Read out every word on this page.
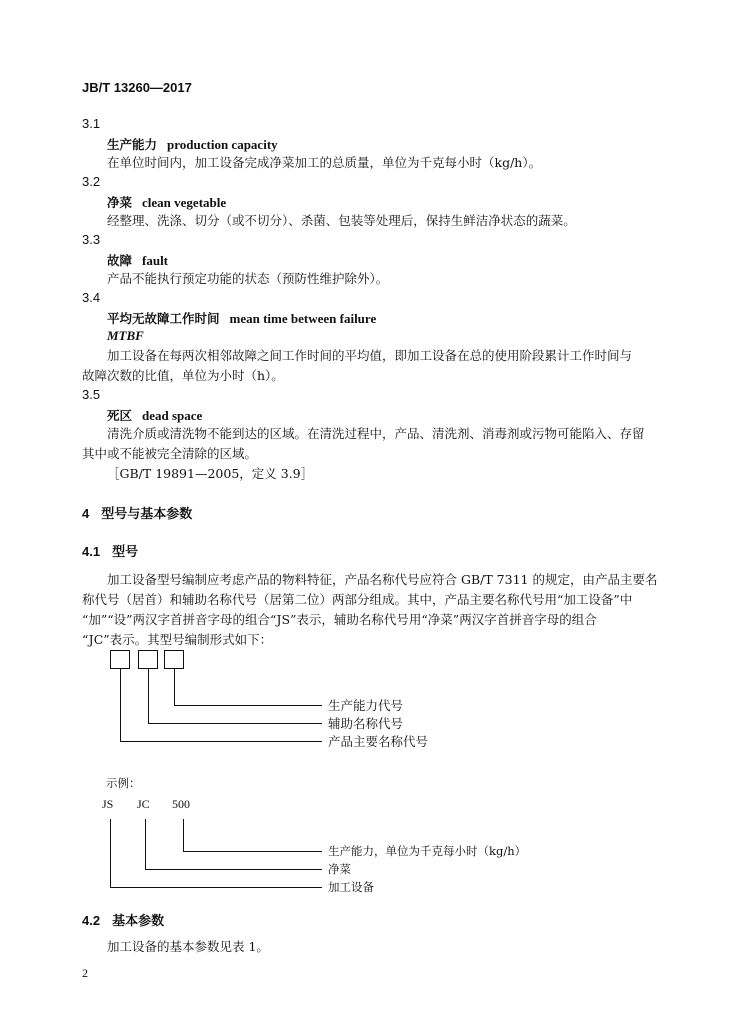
JB/T 13260—2017
3.1
生产能力 production capacity
在单位时间内，加工设备完成净菜加工的总质量，单位为千克每小时（kg/h）。
3.2
净菜 clean vegetable
经整理、洗涤、切分（或不切分）、杀菌、包装等处理后，保持生鲜洁净状态的蔬菜。
3.3
故障 fault
产品不能执行预定功能的状态（预防性维护除外）。
3.4
平均无故障工作时间 mean time between failure
MTBF
加工设备在每两次相邻故障之间工作时间的平均值，即加工设备在总的使用阶段累计工作时间与
故障次数的比值，单位为小时（h）。
3.5
死区 dead space
清洗介质或清洗物不能到达的区域。在清洗过程中，产品、清洗剂、消毒剂或污物可能陷入、存留
其中或不能被完全清除的区域。
［GB/T 19891—2005，定义 3.9］
4 型号与基本参数
4.1 型号
加工设备型号编制应考虑产品的物料特征，产品名称代号应符合 GB/T 7311 的规定，由产品主要名
称代号（居首）和辅助名称代号（居第二位）两部分组成。其中，产品主要名称代号用“加工设备”中
“加”“设”两汉字首拼音字母的组合“JS”表示，辅助名称代号用“净菜”两汉字首拼音字母的组合
“JC”表示。其型号编制形式如下：
生产能力代号
辅助名称代号
产品主要名称代号
示例：
JS JC 500
生产能力，单位为千克每小时（kg/h）
净菜
加工设备
4.2 基本参数
加工设备的基本参数见表 1。
2
